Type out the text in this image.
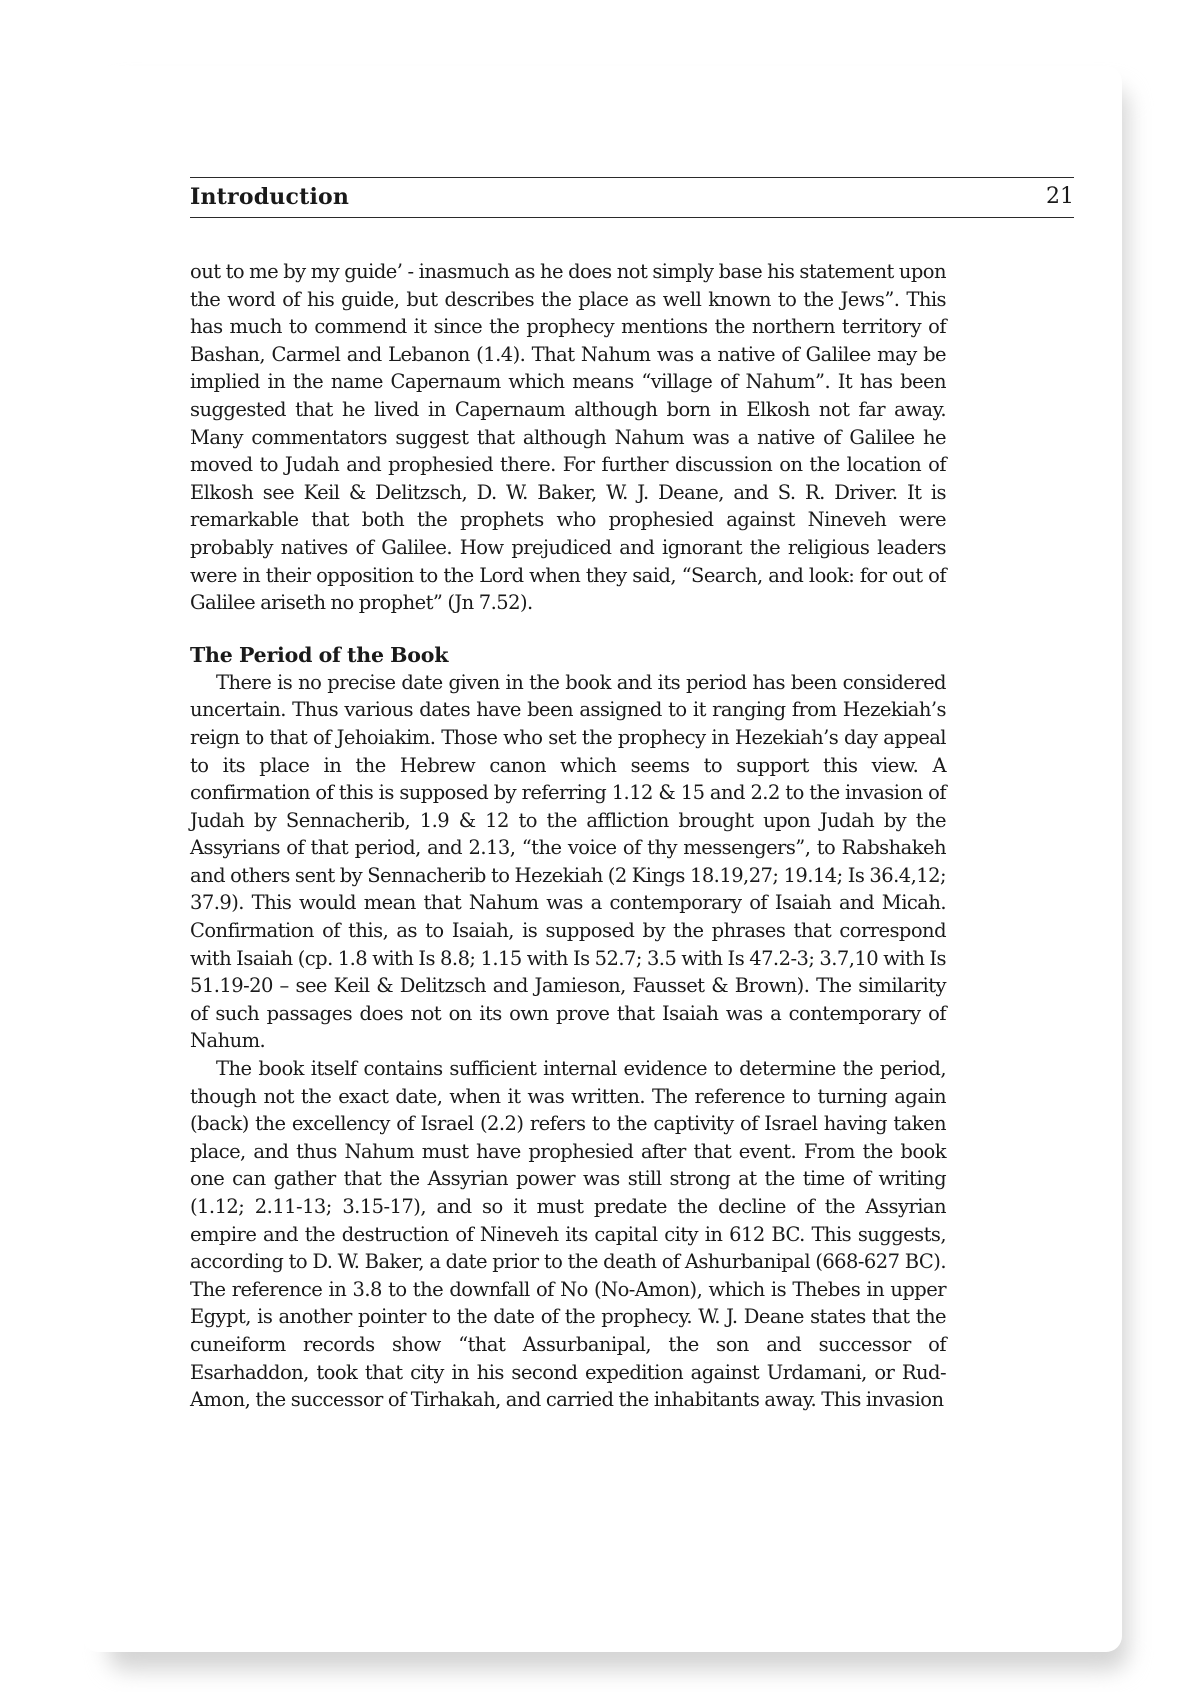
Introduction	21

out to me by my guide’ - inasmuch as he does not simply base his statement upon the word of his guide, but describes the place as well known to the Jews”. This has much to commend it since the prophecy mentions the northern territory of Bashan, Carmel and Lebanon (1.4). That Nahum was a native of Galilee may be implied in the name Capernaum which means “village of Nahum”. It has been suggested that he lived in Capernaum although born in Elkosh not far away. Many commentators suggest that although Nahum was a native of Galilee he moved to Judah and prophesied there. For further discussion on the location of Elkosh see Keil & Delitzsch, D. W. Baker, W. J. Deane, and S. R. Driver. It is remarkable that both the prophets who prophesied against Nineveh were probably natives of Galilee. How prejudiced and ignorant the religious leaders were in their opposition to the Lord when they said, “Search, and look: for out of Galilee ariseth no prophet” (Jn 7.52).

The Period of the Book

There is no precise date given in the book and its period has been considered uncertain. Thus various dates have been assigned to it ranging from Hezekiah’s reign to that of Jehoiakim. Those who set the prophecy in Hezekiah’s day appeal to its place in the Hebrew canon which seems to support this view. A confirmation of this is supposed by referring 1.12 & 15 and 2.2 to the invasion of Judah by Sennacherib, 1.9 & 12 to the affliction brought upon Judah by the Assyrians of that period, and 2.13, “the voice of thy messengers”, to Rabshakeh and others sent by Sennacherib to Hezekiah (2 Kings 18.19,27; 19.14; Is 36.4,12; 37.9). This would mean that Nahum was a contemporary of Isaiah and Micah. Confirmation of this, as to Isaiah, is supposed by the phrases that correspond with Isaiah (cp. 1.8 with Is 8.8; 1.15 with Is 52.7; 3.5 with Is 47.2-3; 3.7,10 with Is 51.19-20 – see Keil & Delitzsch and Jamieson, Fausset & Brown). The similarity of such passages does not on its own prove that Isaiah was a contemporary of Nahum.

The book itself contains sufficient internal evidence to determine the period, though not the exact date, when it was written. The reference to turning again (back) the excellency of Israel (2.2) refers to the captivity of Israel having taken place, and thus Nahum must have prophesied after that event. From the book one can gather that the Assyrian power was still strong at the time of writing (1.12; 2.11-13; 3.15-17), and so it must predate the decline of the Assyrian empire and the destruction of Nineveh its capital city in 612 BC. This suggests, according to D. W. Baker, a date prior to the death of Ashurbanipal (668-627 BC). The reference in 3.8 to the downfall of No (No-Amon), which is Thebes in upper Egypt, is another pointer to the date of the prophecy. W. J. Deane states that the cuneiform records show “that Assurbanipal, the son and successor of Esarhaddon, took that city in his second expedition against Urdamani, or Rud-Amon, the successor of Tirhakah, and carried the inhabitants away. This invasion
